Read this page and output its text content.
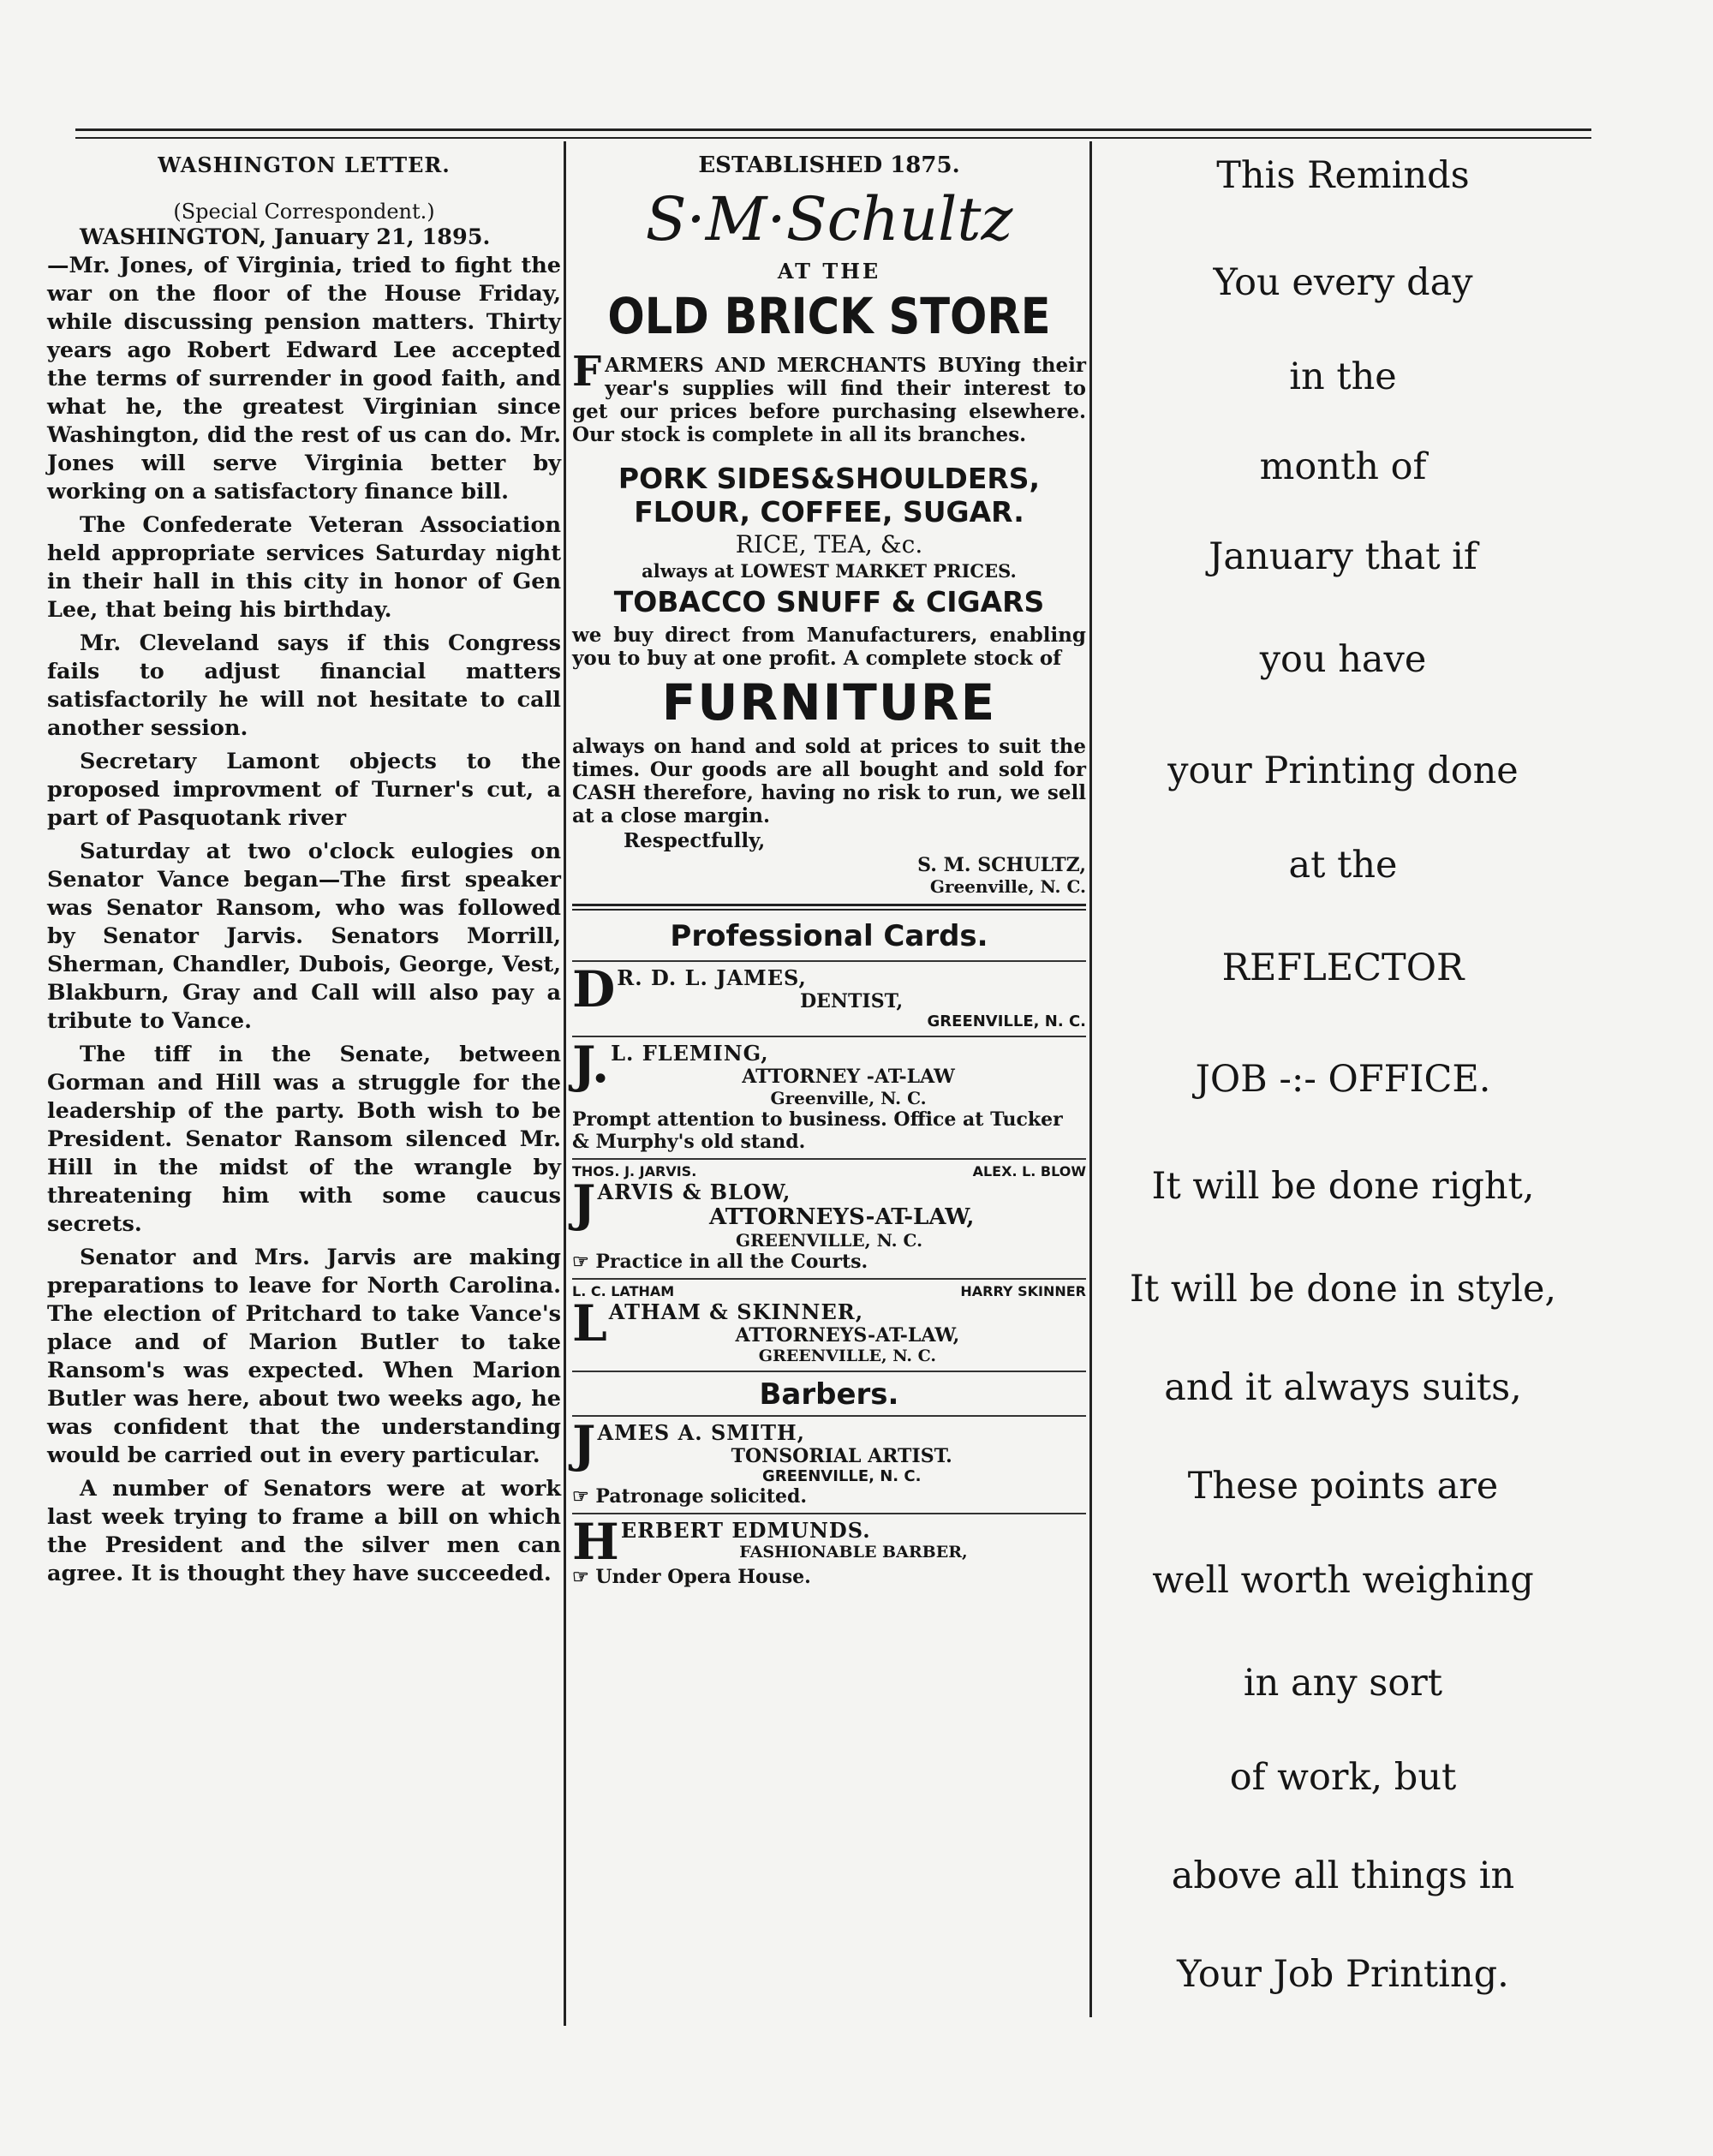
WASHINGTON LETTER.
(Special Correspondent.)
WASHINGTON, January 21, 1895.

—Mr. Jones, of Virginia, tried to fight the war on the floor of the House Friday, while discussing pension matters. Thirty years ago Robert Edward Lee accepted the terms of surrender in good faith, and what he, the greatest Virginian since Washington, did the rest of us can do. Mr. Jones will serve Virginia better by working on a satisfactory finance bill.

The Confederate Veteran Association held appropriate services Saturday night in their hall in this city in honor of Gen Lee, that being his birthday.

Mr. Cleveland says if this Congress fails to adjust financial matters satisfactorily he will not hesitate to call another session.

Secretary Lamont objects to the proposed improvment of Turner's cut, a part of Pasquotank river

Saturday at two o'clock eulogies on Senator Vance began—The first speaker was Senator Ransom, who was followed by Senator Jarvis. Senators Morrill, Sherman, Chandler, Dubois, George, Vest, Blakburn, Gray and Call will also pay a tribute to Vance.

The tiff in the Senate, between Gorman and Hill was a struggle for the leadership of the party. Both wish to be President. Senator Ransom silenced Mr. Hill in the midst of the wrangle by threatening him with some caucus secrets.

Senator and Mrs. Jarvis are making preparations to leave for North Carolina. The election of Pritchard to take Vance's place and of Marion Butler to take Ransom's was expected. When Marion Butler was here, about two weeks ago, he was confident that the understanding would be carried out in every particular.

A number of Senators were at work last week trying to frame a bill on which the President and the silver men can agree. It is thought they have succeeded.

ESTABLISHED 1875.
S·M·Schultz
AT THE
OLD BRICK STORE
FARMERS AND MERCHANTS BUYing their year's supplies will find their interest to get our prices before purchasing elsewhere. Our stock is complete in all its branches.
PORK SIDES&SHOULDERS,
FLOUR, COFFEE, SUGAR.
RICE, TEA, &c.
always at LOWEST MARKET PRICES.
TOBACCO SNUFF & CIGARS
we buy direct from Manufacturers, enabling you to buy at one profit. A complete stock of
FURNITURE
always on hand and sold at prices to suit the times. Our goods are all bought and sold for CASH therefore, having no risk to run, we sell at a close margin.
Respectfully,
S. M. SCHULTZ,
Greenville, N. C.
Professional Cards.
D R. D. L. JAMES,
DENTIST,
GREENVILLE, N. C.
J. L. FLEMING,
ATTORNEY -AT-LAW
Greenville, N. C.
Prompt attention to business. Office at Tucker & Murphy's old stand.
THOS. J. JARVIS.	ALEX. L. BLOW
J ARVIS & BLOW,
ATTORNEYS-AT-LAW,
GREENVILLE, N. C.
☞ Practice in all the Courts.
L. C. LATHAM	HARRY SKINNER
L ATHAM & SKINNER,
ATTORNEYS-AT-LAW,
GREENVILLE, N. C.
Barbers.
J AMES A. SMITH,
TONSORIAL ARTIST.
GREENVILLE, N. C.
☞ Patronage solicited.
H ERBERT EDMUNDS.
FASHIONABLE BARBER,
☞ Under Opera House.
This Reminds
You every day
in the
month of
January that if
you have
your Printing done
at the
REFLECTOR
JOB -:- OFFICE.
It will be done right,
It will be done in style,
and it always suits,
These points are
well worth weighing
in any sort
of work, but
above all things in
Your Job Printing.
